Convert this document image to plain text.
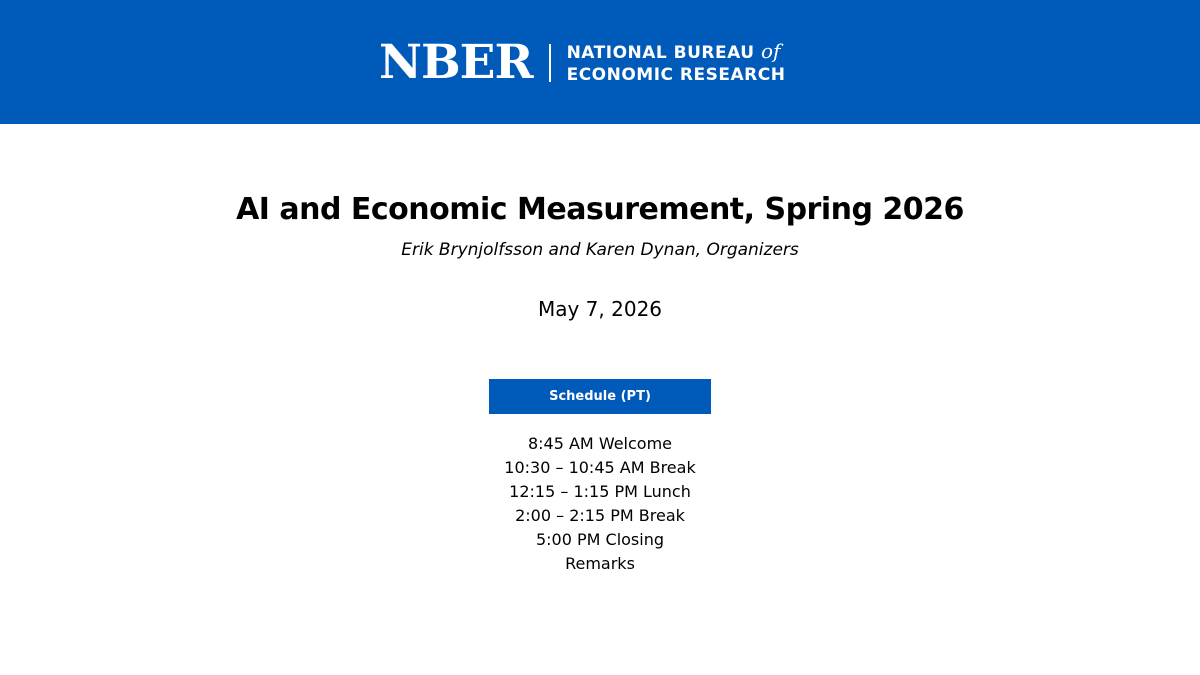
NBER NATIONAL BUREAU of
ECONOMIC RESEARCH
AI and Economic Measurement, Spring 2026
Erik Brynjolfsson and Karen Dynan, Organizers
May 7, 2026
Schedule (PT)
8:45 AM Welcome
10:30 – 10:45 AM Break
12:15 – 1:15 PM Lunch
2:00 – 2:15 PM Break
5:00 PM Closing
Remarks
